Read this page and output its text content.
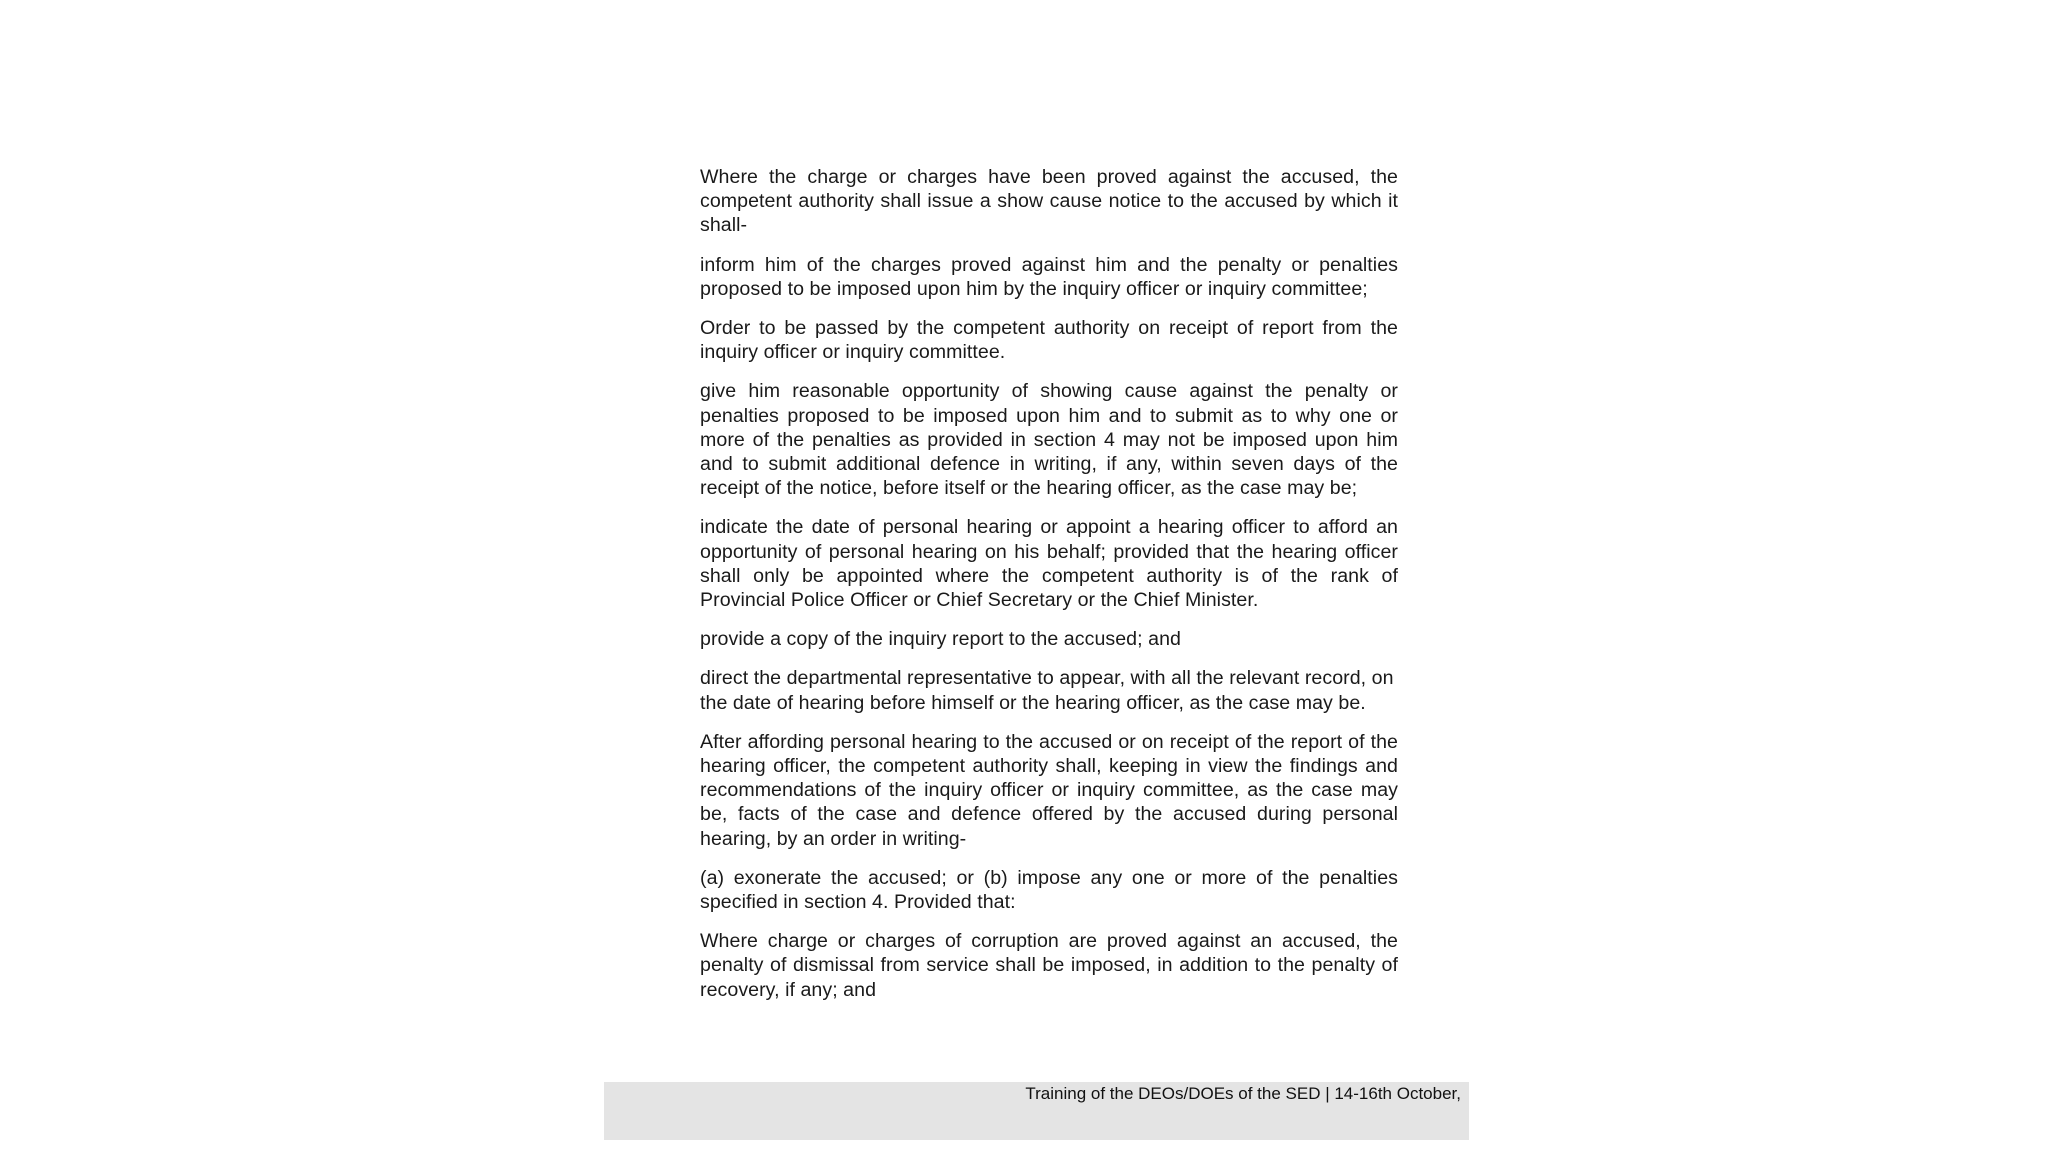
Where the charge or charges have been proved against the accused, the competent authority shall issue a show cause notice to the accused by which it shall-

inform him of the charges proved against him and the penalty or penalties proposed to be imposed upon him by the inquiry officer or inquiry committee;

Order to be passed by the competent authority on receipt of report from the inquiry officer or inquiry committee.

give him reasonable opportunity of showing cause against the penalty or penalties proposed to be imposed upon him and to submit as to why one or more of the penalties as provided in section 4 may not be imposed upon him and to submit additional defence in writing, if any, within seven days of the receipt of the notice, before itself or the hearing officer, as the case may be;

indicate the date of personal hearing or appoint a hearing officer to afford an opportunity of personal hearing on his behalf; provided that the hearing officer shall only be appointed where the competent authority is of the rank of Provincial Police Officer or Chief Secretary or the Chief Minister.

provide a copy of the inquiry report to the accused; and

direct the departmental representative to appear, with all the relevant record, on
the date of hearing before himself or the hearing officer, as the case may be.

After affording personal hearing to the accused or on receipt of the report of the hearing officer, the competent authority shall, keeping in view the findings and recommendations of the inquiry officer or inquiry committee, as the case may be, facts of the case and defence offered by the accused during personal hearing, by an order in writing-

(a) exonerate the accused; or (b) impose any one or more of the penalties specified in section 4. Provided that:

Where charge or charges of corruption are proved against an accused, the penalty of dismissal from service shall be imposed, in addition to the penalty of recovery, if any; and

Training of the DEOs/DOEs of the SED | 14-16th October,
